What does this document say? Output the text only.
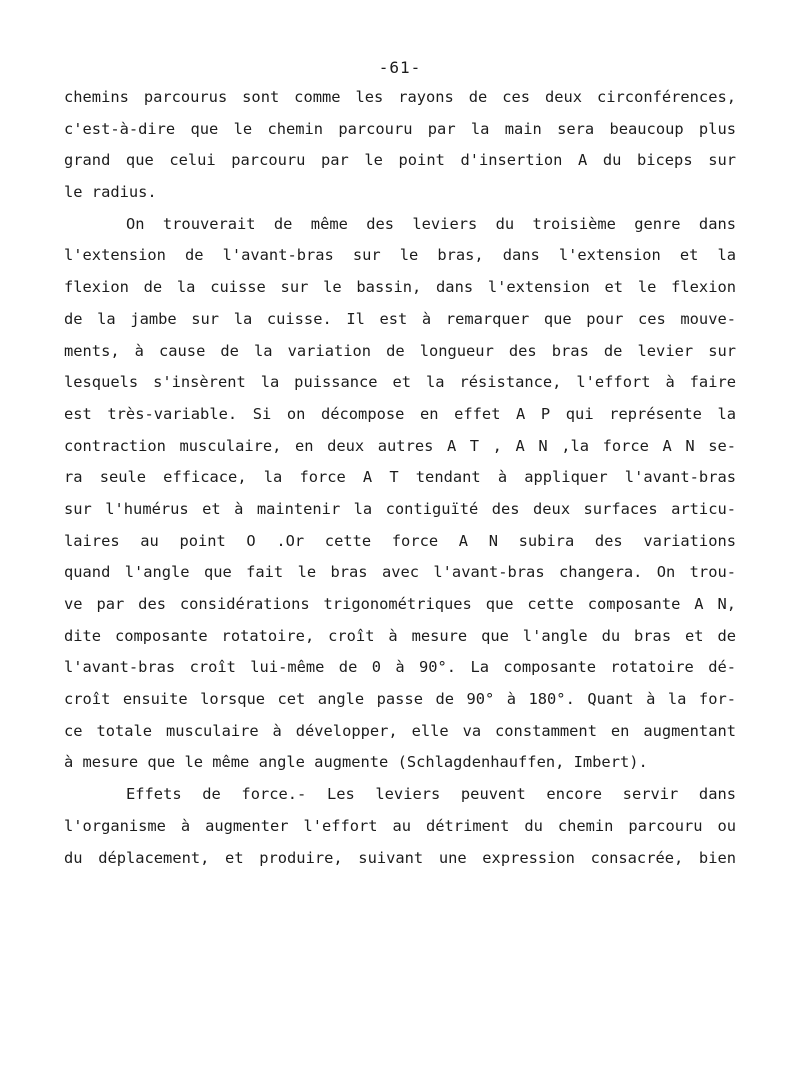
-61-
chemins parcourus sont comme les rayons de ces deux circonférences,
c'est-à-dire que le chemin parcouru par la main sera beaucoup plus
grand que celui parcouru par le point d'insertion A du biceps sur
le radius.
On trouverait de même des leviers du troisième genre dans
l'extension de l'avant-bras sur le bras, dans l'extension et la
flexion de la cuisse sur le bassin, dans l'extension et le flexion
de la jambe sur la cuisse. Il est à remarquer que pour ces mouve-
ments, à cause de la variation de longueur des bras de levier sur
lesquels s'insèrent la puissance et la résistance, l'effort à faire
est très-variable. Si on décompose en effet A P qui représente la
contraction musculaire, en deux autres A T , A N ,la force A N se-
ra seule efficace, la force A T tendant à appliquer l'avant-bras
sur l'humérus et à maintenir la contiguïté des deux surfaces articu-
laires au point O .Or cette force A N subira des variations
quand l'angle que fait le bras avec l'avant-bras changera. On trou-
ve par des considérations trigonométriques que cette composante A N,
dite composante rotatoire, croît à mesure que l'angle du bras et de
l'avant-bras croît lui-même de 0 à 90°. La composante rotatoire dé-
croît ensuite lorsque cet angle passe de 90° à 180°. Quant à la for-
ce totale musculaire à développer, elle va constamment en augmentant
à mesure que le même angle augmente (Schlagdenhauffen, Imbert).
Effets de force.- Les leviers peuvent encore servir dans
l'organisme à augmenter l'effort au détriment du chemin parcouru ou
du déplacement, et produire, suivant une expression consacrée, bien
